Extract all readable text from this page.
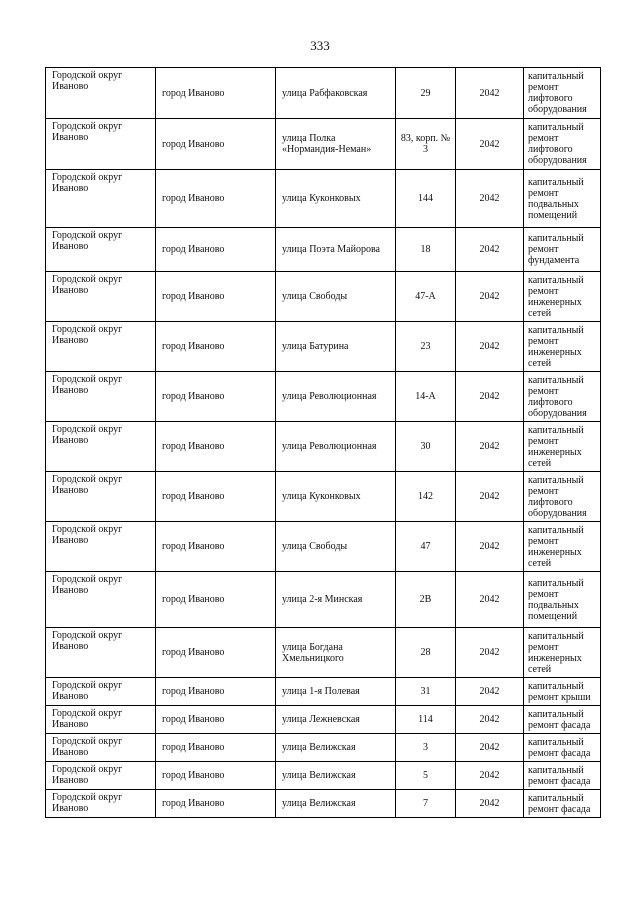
333
Городской округ Иваново	город Иваново	улица Рабфаковская	29	2042	капитальный ремонт лифтового оборудования
Городской округ Иваново	город Иваново	улица Полка «Нормандия-Неман»	83, корп. № 3	2042	капитальный ремонт лифтового оборудования
Городской округ Иваново	город Иваново	улица Куконковых	144	2042	капитальный ремонт подвальных помещений
Городской округ Иваново	город Иваново	улица Поэта Майорова	18	2042	капитальный ремонт фундамента
Городской округ Иваново	город Иваново	улица Свободы	47-А	2042	капитальный ремонт инженерных сетей
Городской округ Иваново	город Иваново	улица Батурина	23	2042	капитальный ремонт инженерных сетей
Городской округ Иваново	город Иваново	улица Революционная	14-А	2042	капитальный ремонт лифтового оборудования
Городской округ Иваново	город Иваново	улица Революционная	30	2042	капитальный ремонт инженерных сетей
Городской округ Иваново	город Иваново	улица Куконковых	142	2042	капитальный ремонт лифтового оборудования
Городской округ Иваново	город Иваново	улица Свободы	47	2042	капитальный ремонт инженерных сетей
Городской округ Иваново	город Иваново	улица 2-я Минская	2В	2042	капитальный ремонт подвальных помещений
Городской округ Иваново	город Иваново	улица Богдана Хмельницкого	28	2042	капитальный ремонт инженерных сетей
Городской округ Иваново	город Иваново	улица 1-я Полевая	31	2042	капитальный ремонт крыши
Городской округ Иваново	город Иваново	улица Лежневская	114	2042	капитальный ремонт фасада
Городской округ Иваново	город Иваново	улица Велижская	3	2042	капитальный ремонт фасада
Городской округ Иваново	город Иваново	улица Велижская	5	2042	капитальный ремонт фасада
Городской округ Иваново	город Иваново	улица Велижская	7	2042	капитальный ремонт фасада
